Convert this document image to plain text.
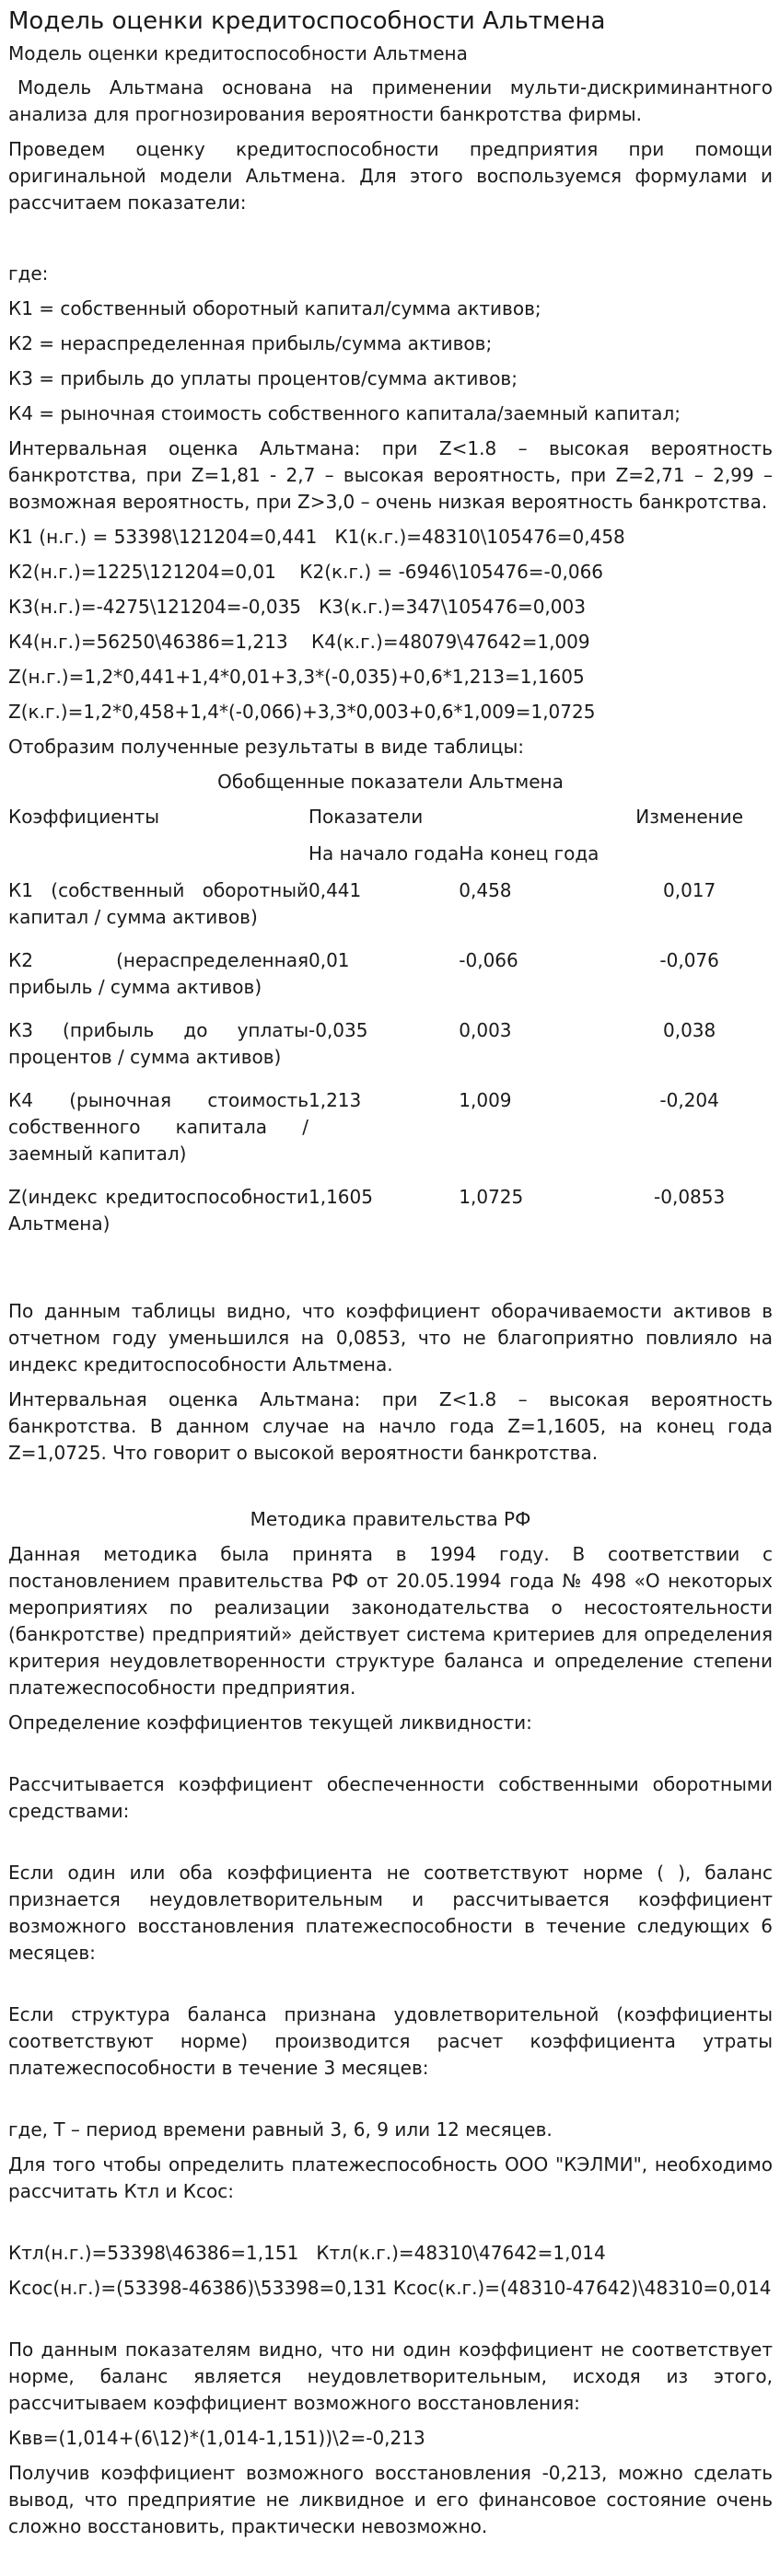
Модель оценки кредитоспособности Альтмена
Модель оценки кредитоспособности Альтмена

Модель Альтмана основана на применении мульти-дискриминантного анализа для прогнозирования вероятности банкротства фирмы.

Проведем оценку кредитоспособности предприятия при помощи оригинальной модели Альтмена. Для этого воспользуемся формулами и рассчитаем показатели:

где:

К1 = собственный оборотный капитал/сумма активов;

К2 = нераспределенная прибыль/сумма активов;

К3 = прибыль до уплаты процентов/сумма активов;

К4 = рыночная стоимость собственного капитала/заемный капитал;

Интервальная оценка Альтмана: при Z<1.8 – высокая вероятность банкротства, при Z=1,81 - 2,7 – высокая вероятность, при Z=2,71 – 2,99 – возможная вероятность, при Z>3,0 – очень низкая вероятность банкротства.

К1 (н.г.) = 53398\121204=0,441   К1(к.г.)=48310\105476=0,458

К2(н.г.)=1225\121204=0,01    К2(к.г.) = -6946\105476=-0,066

К3(н.г.)=-4275\121204=-0,035   К3(к.г.)=347\105476=0,003

К4(н.г.)=56250\46386=1,213    К4(к.г.)=48079\47642=1,009

Z(н.г.)=1,2*0,441+1,4*0,01+3,3*(-0,035)+0,6*1,213=1,1605

Z(к.г.)=1,2*0,458+1,4*(-0,066)+3,3*0,003+0,6*1,009=1,0725

Отобразим полученные результаты в виде таблицы:

Обобщенные показатели Альтмена
Коэффициенты	Показатели		Изменение
	На начало года	На конец года	
К1 (собственный оборотный капитал / сумма активов)	0,441	0,458	0,017
К2 (нераспределенная прибыль / сумма активов)	0,01	-0,066	-0,076
К3 (прибыль до уплаты процентов / сумма активов)	-0,035	0,003	0,038
К4 (рыночная стоимость собственного капитала / заемный капитал)	1,213	1,009	-0,204
Z(индекс кредитоспособности Альтмена)	1,1605	1,0725	-0,0853

По данным таблицы видно, что коэффициент оборачиваемости активов в отчетном году уменьшился на 0,0853, что не благоприятно повлияло на индекс кредитоспособности Альтмена.

Интервальная оценка Альтмана: при Z<1.8 – высокая вероятность банкротства. В данном случае на начло года Z=1,1605, на конец года Z=1,0725. Что говорит о высокой вероятности банкротства.

Методика правительства РФ

Данная методика была принята в 1994 году. В соответствии с постановлением правительства РФ от 20.05.1994 года № 498 «О некоторых мероприятиях по реализации законодательства о несостоятельности (банкротстве) предприятий» действует система критериев для определения критерия неудовлетворенности структуре баланса и определение степени платежеспособности предприятия.

Определение коэффициентов текущей ликвидности:

Рассчитывается коэффициент обеспеченности собственными оборотными средствами:

Если один или оба коэффициента не соответствуют норме ( ), баланс признается неудовлетворительным и рассчитывается коэффициент возможного восстановления платежеспособности в течение следующих 6 месяцев:

Если структура баланса признана удовлетворительной (коэффициенты соответствуют норме) производится расчет коэффициента утраты платежеспособности в течение 3 месяцев:

где, Т – период времени равный 3, 6, 9 или 12 месяцев.

Для того чтобы определить платежеспособность ООО "КЭЛМИ", необходимо рассчитать Ктл и Ксос:

Ктл(н.г.)=53398\46386=1,151   Ктл(к.г.)=48310\47642=1,014

Ксос(н.г.)=(53398-46386)\53398=0,131 Ксос(к.г.)=(48310-47642)\48310=0,014

По данным показателям видно, что ни один коэффициент не соответствует норме, баланс является неудовлетворительным, исходя из этого, рассчитываем коэффициент возможного восстановления:

Квв=(1,014+(6\12)*(1,014-1,151))\2=-0,213

Получив коэффициент возможного восстановления -0,213, можно сделать вывод, что предприятие не ликвидное и его финансовое состояние очень сложно восстановить, практически невозможно.
